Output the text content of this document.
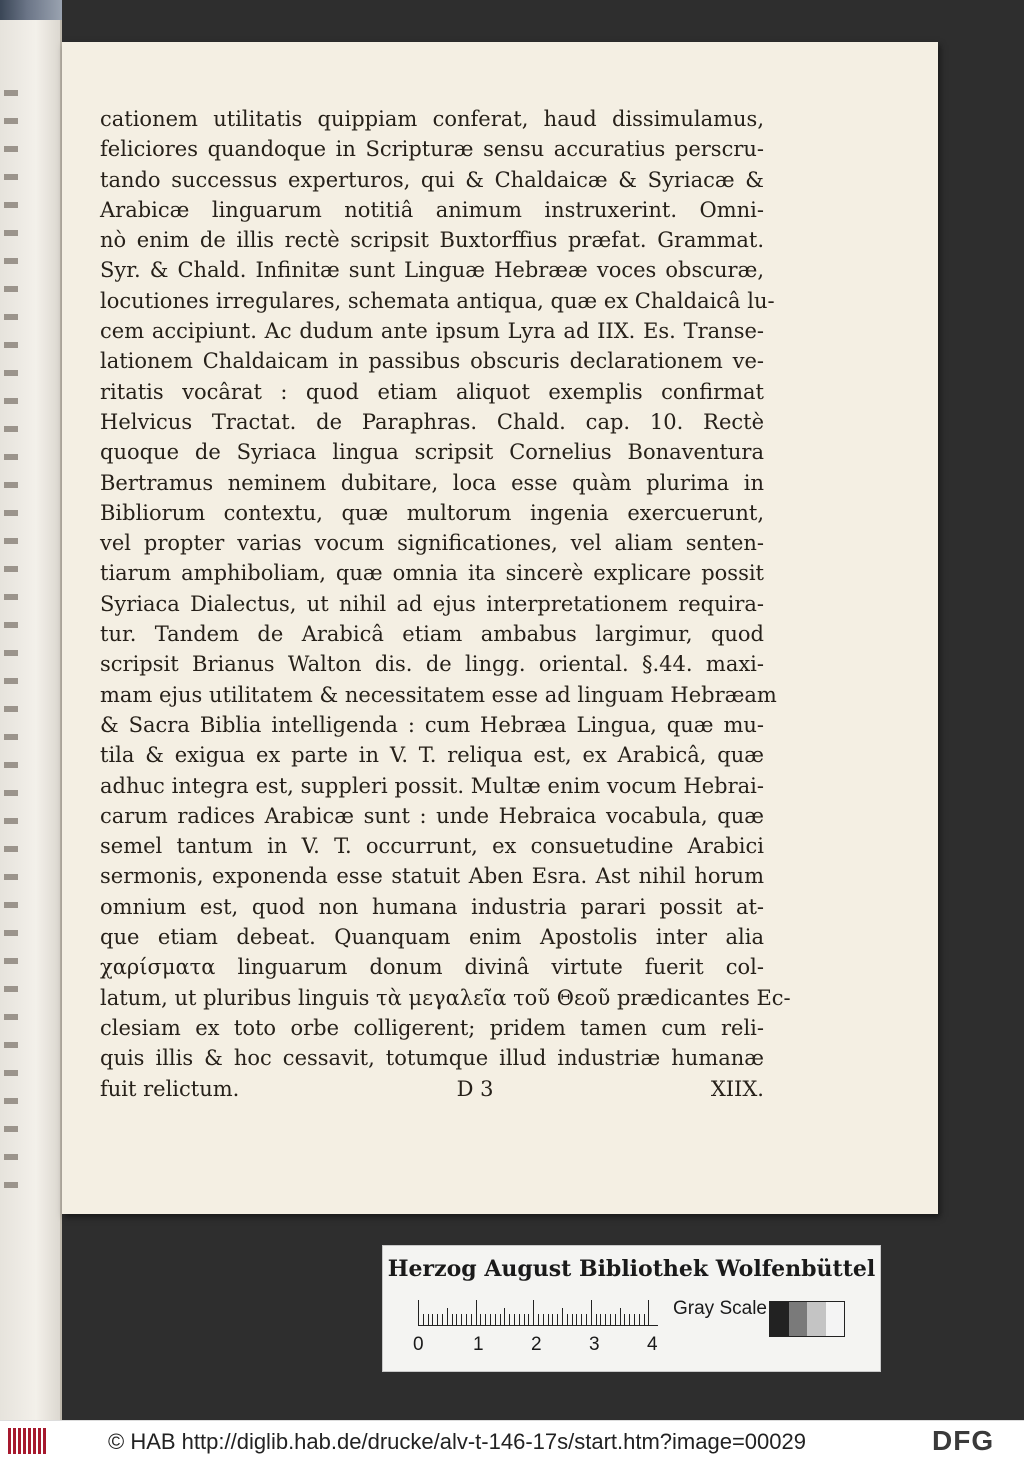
cationem utilitatis quippiam conferat, haud dissimulamus,
feliciores quandoque in Scripturæ sensu accuratius perscru-
tando successus experturos, qui & Chaldaicæ & Syriacæ &
Arabicæ linguarum notitiâ animum instruxerint. Omni-
nò enim de illis rectè scripsit Buxtorffius præfat. Grammat.
Syr. & Chald. Infinitæ sunt Linguæ Hebrææ voces obscuræ,
locutiones irregulares, schemata antiqua, quæ ex Chaldaicâ lu-
cem accipiunt. Ac dudum ante ipsum Lyra ad IIX. Es. Transe-
lationem Chaldaicam in passibus obscuris declarationem ve-
ritatis vocârat : quod etiam aliquot exemplis confirmat
Helvicus Tractat. de Paraphras. Chald. cap. 10. Rectè
quoque de Syriaca lingua scripsit Cornelius Bonaventura
Bertramus neminem dubitare, loca esse quàm plurima in
Bibliorum contextu, quæ multorum ingenia exercuerunt,
vel propter varias vocum significationes, vel aliam senten-
tiarum amphiboliam, quæ omnia ita sincerè explicare possit
Syriaca Dialectus, ut nihil ad ejus interpretationem requira-
tur. Tandem de Arabicâ etiam ambabus largimur, quod
scripsit Brianus Walton dis. de lingg. oriental. §.44. maxi-
mam ejus utilitatem & necessitatem esse ad linguam Hebræam
& Sacra Biblia intelligenda : cum Hebræa Lingua, quæ mu-
tila & exigua ex parte in V. T. reliqua est, ex Arabicâ, quæ
adhuc integra est, suppleri possit. Multæ enim vocum Hebrai-
carum radices Arabicæ sunt : unde Hebraica vocabula, quæ
semel tantum in V. T. occurrunt, ex consuetudine Arabici
sermonis, exponenda esse statuit Aben Esra. Ast nihil horum
omnium est, quod non humana industria parari possit at-
que etiam debeat. Quanquam enim Apostolis inter alia
χαρίσματα linguarum donum divinâ virtute fuerit col-
latum, ut pluribus linguis τὰ μεγαλεῖα τοῦ Θεοῦ prædicantes Ec-
clesiam ex toto orbe colligerent; pridem tamen cum reli-
quis illis & hoc cessavit, totumque illud industriæ humanæ
fuit relictum.	D 3	XIIX.
Herzog August Bibliothek Wolfenbüttel
0	1 2 3 4
Gray Scale
© HAB http://diglib.hab.de/drucke/alv-t-146-17s/start.htm?image=00029	DFG
